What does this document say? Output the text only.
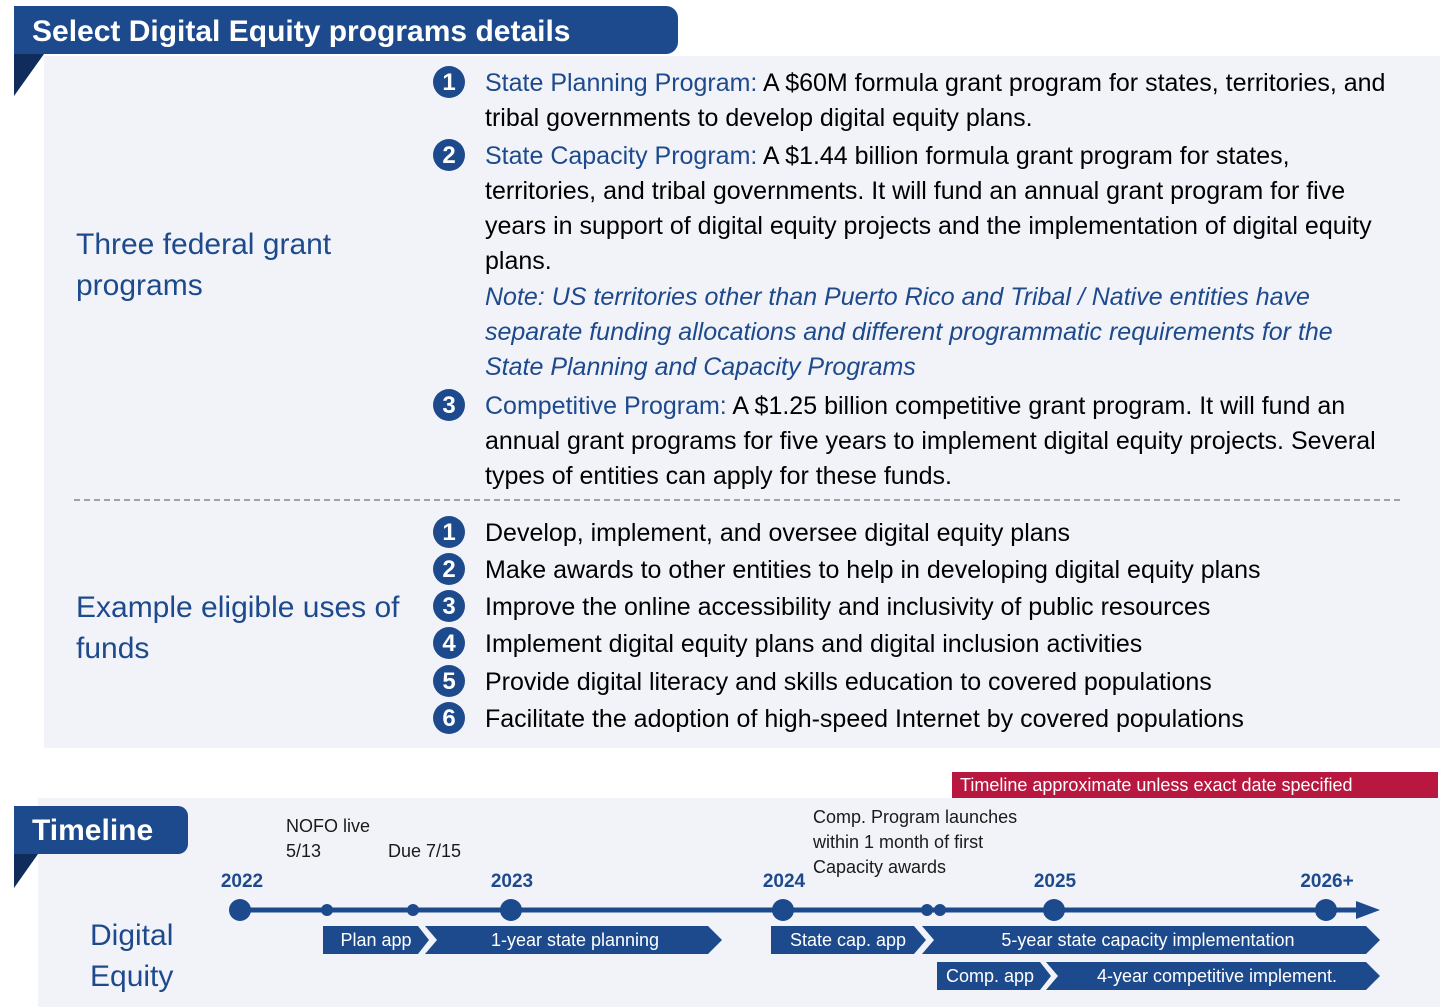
Select Digital Equity programs details
Three federal grant programs
1	State Planning Program: A $60M formula grant program for states, territories, and tribal governments to develop digital equity plans.
2	State Capacity Program: A $1.44 billion formula grant program for states, territories, and tribal governments. It will fund an annual grant program for five years in support of digital equity projects and the implementation of digital equity plans.
Note: US territories other than Puerto Rico and Tribal / Native entities have separate funding allocations and different programmatic requirements for the State Planning and Capacity Programs
3	Competitive Program: A $1.25 billion competitive grant program. It will fund an annual grant programs for five years to implement digital equity projects. Several types of entities can apply for these funds.
Example eligible uses of funds
1	Develop, implement, and oversee digital equity plans
2	Make awards to other entities to help in developing digital equity plans
3	Improve the online accessibility and inclusivity of public resources
4	Implement digital equity plans and digital inclusion activities
5	Provide digital literacy and skills education to covered populations
6	Facilitate the adoption of high-speed Internet by covered populations
Timeline approximate unless exact date specified
Timeline
Digital Equity
NOFO live
5/13	Due 7/15
Comp. Program launches
within 1 month of first
Capacity awards
2022	2023	2024	2025	2026+
Plan app	1-year state planning	State cap. app	5-year state capacity implementation
Comp. app	4-year competitive implement.
